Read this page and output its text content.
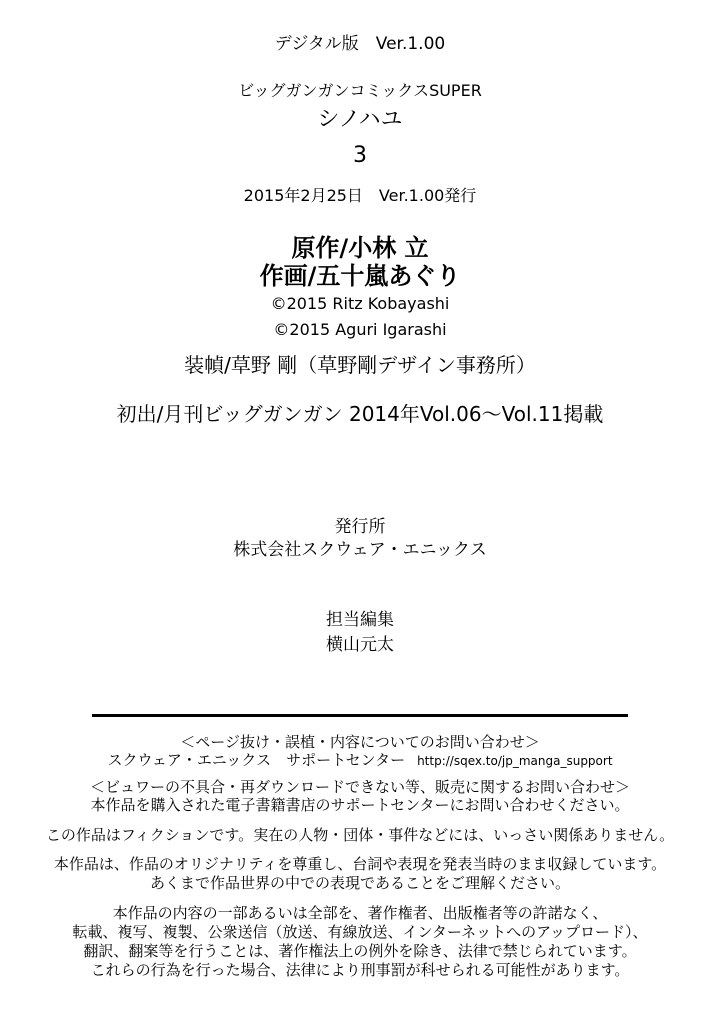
デジタル版　Ver.1.00
ビッグガンガンコミックスSUPER
シノハユ
3
2015年2月25日　Ver.1.00発行
原作/小林 立
作画/五十嵐あぐり
©2015 Ritz Kobayashi
©2015 Aguri Igarashi
装幀/草野 剛（草野剛デザイン事務所）
初出/月刊ビッグガンガン 2014年Vol.06～Vol.11掲載
発行所
株式会社スクウェア・エニックス
担当編集
横山元太
＜ページ抜け・誤植・内容についてのお問い合わせ＞
スクウェア・エニックス　サポートセンター http://sqex.to/jp_manga_support
＜ビュワーの不具合・再ダウンロードできない等、販売に関するお問い合わせ＞
本作品を購入された電子書籍書店のサポートセンターにお問い合わせください。
この作品はフィクションです。実在の人物・団体・事件などには、いっさい関係ありません。
本作品は、作品のオリジナリティを尊重し、台詞や表現を発表当時のまま収録しています。
あくまで作品世界の中での表現であることをご理解ください。
本作品の内容の一部あるいは全部を、著作権者、出版権者等の許諾なく、
転載、複写、複製、公衆送信（放送、有線放送、インターネットへのアップロード）、
翻訳、翻案等を行うことは、著作権法上の例外を除き、法律で禁じられています。
これらの行為を行った場合、法律により刑事罰が科せられる可能性があります。
